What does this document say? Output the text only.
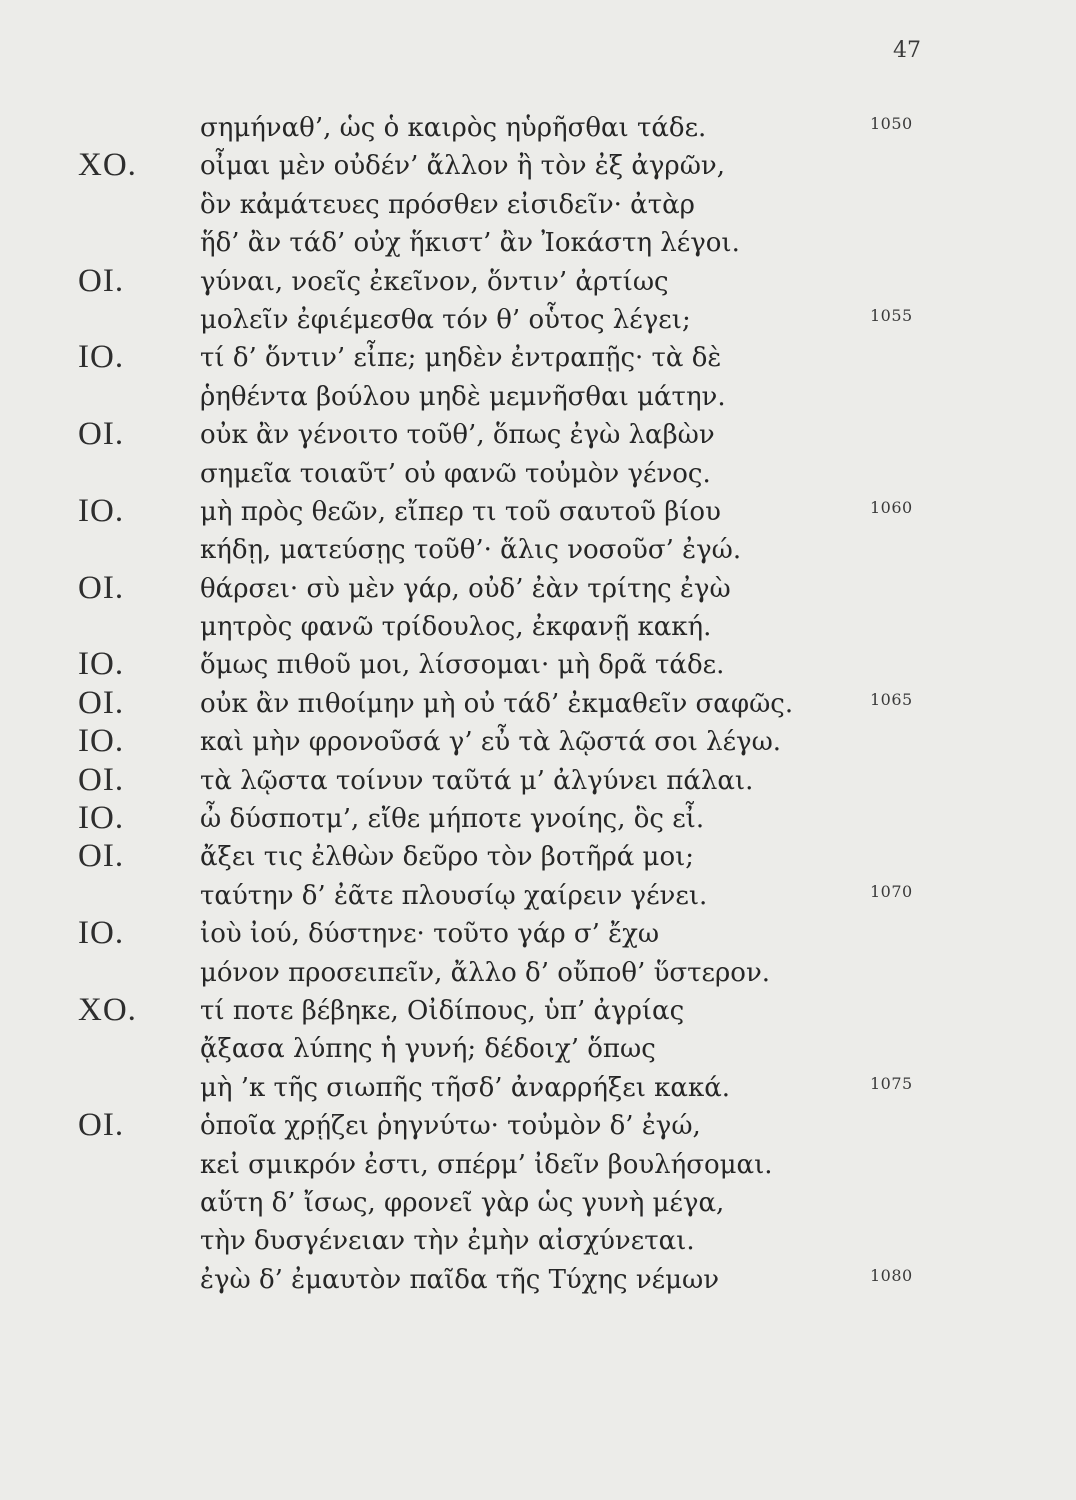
47
σημήναθ’, ὡς ὁ καιρὸς ηὑρῆσθαι τάδε.	1050
ΧΟ. οἶμαι μὲν οὐδέν’ ἄλλον ἢ τὸν ἐξ ἀγρῶν,
ὃν κἀμάτευες πρόσθεν εἰσιδεῖν· ἀτὰρ
ἥδ’ ἂν τάδ’ οὐχ ἥκιστ’ ἂν Ἰοκάστη λέγοι.
ΟΙ.	γύναι, νοεῖς ἐκεῖνον, ὅντιν’ ἀρτίως
μολεῖν ἐφιέμεσθα τόν θ’ οὗτος λέγει;	1055
ΙΟ.	τί δ’ ὅντιν’ εἶπε; μηδὲν ἐντραπῇς· τὰ δὲ
ῥηθέντα βούλου μηδὲ μεμνῆσθαι μάτην.
ΟΙ.	οὐκ ἂν γένοιτο τοῦθ’, ὅπως ἐγὼ λαβὼν
σημεῖα τοιαῦτ’ οὐ φανῶ τοὐμὸν γένος.
ΙΟ.	μὴ πρὸς θεῶν, εἴπερ τι τοῦ σαυτοῦ βίου	1060
κήδῃ, ματεύσῃς τοῦθ’· ἅλις νοσοῦσ’ ἐγώ.
ΟΙ.	θάρσει· σὺ μὲν γάρ, οὐδ’ ἐὰν τρίτης ἐγὼ
μητρὸς φανῶ τρίδουλος, ἐκφανῇ κακή.
ΙΟ.	ὅμως πιθοῦ μοι, λίσσομαι· μὴ δρᾶ τάδε.
ΟΙ.	οὐκ ἂν πιθοίμην μὴ οὐ τάδ’ ἐκμαθεῖν σαφῶς.	1065
ΙΟ.	καὶ μὴν φρονοῦσά γ’ εὖ τὰ λῷστά σοι λέγω.
ΟΙ.	τὰ λῷστα τοίνυν ταῦτά μ’ ἀλγύνει πάλαι.
ΙΟ.	ὦ δύσποτμ’, εἴθε μήποτε γνοίης, ὃς εἶ.
ΟΙ.	ἄξει τις ἐλθὼν δεῦρο τὸν βοτῆρά μοι;
ταύτην δ’ ἐᾶτε πλουσίῳ χαίρειν γένει.	1070
ΙΟ.	ἰοὺ ἰού, δύστηνε· τοῦτο γάρ σ’ ἔχω
μόνον προσειπεῖν, ἄλλο δ’ οὔποθ’ ὕστερον.
ΧΟ. τί ποτε βέβηκε, Οἰδίπους, ὑπ’ ἀγρίας
ᾄξασα λύπης ἡ γυνή; δέδοιχ’ ὅπως
μὴ ’κ τῆς σιωπῆς τῆσδ’ ἀναρρήξει κακά.	1075
ΟΙ.	ὁποῖα χρῄζει ῥηγνύτω· τοὐμὸν δ’ ἐγώ,
κεἰ σμικρόν ἐστι, σπέρμ’ ἰδεῖν βουλήσομαι.
αὕτη δ’ ἴσως, φρονεῖ γὰρ ὡς γυνὴ μέγα,
τὴν δυσγένειαν τὴν ἐμὴν αἰσχύνεται.
ἐγὼ δ’ ἐμαυτὸν παῖδα τῆς Τύχης νέμων	1080
